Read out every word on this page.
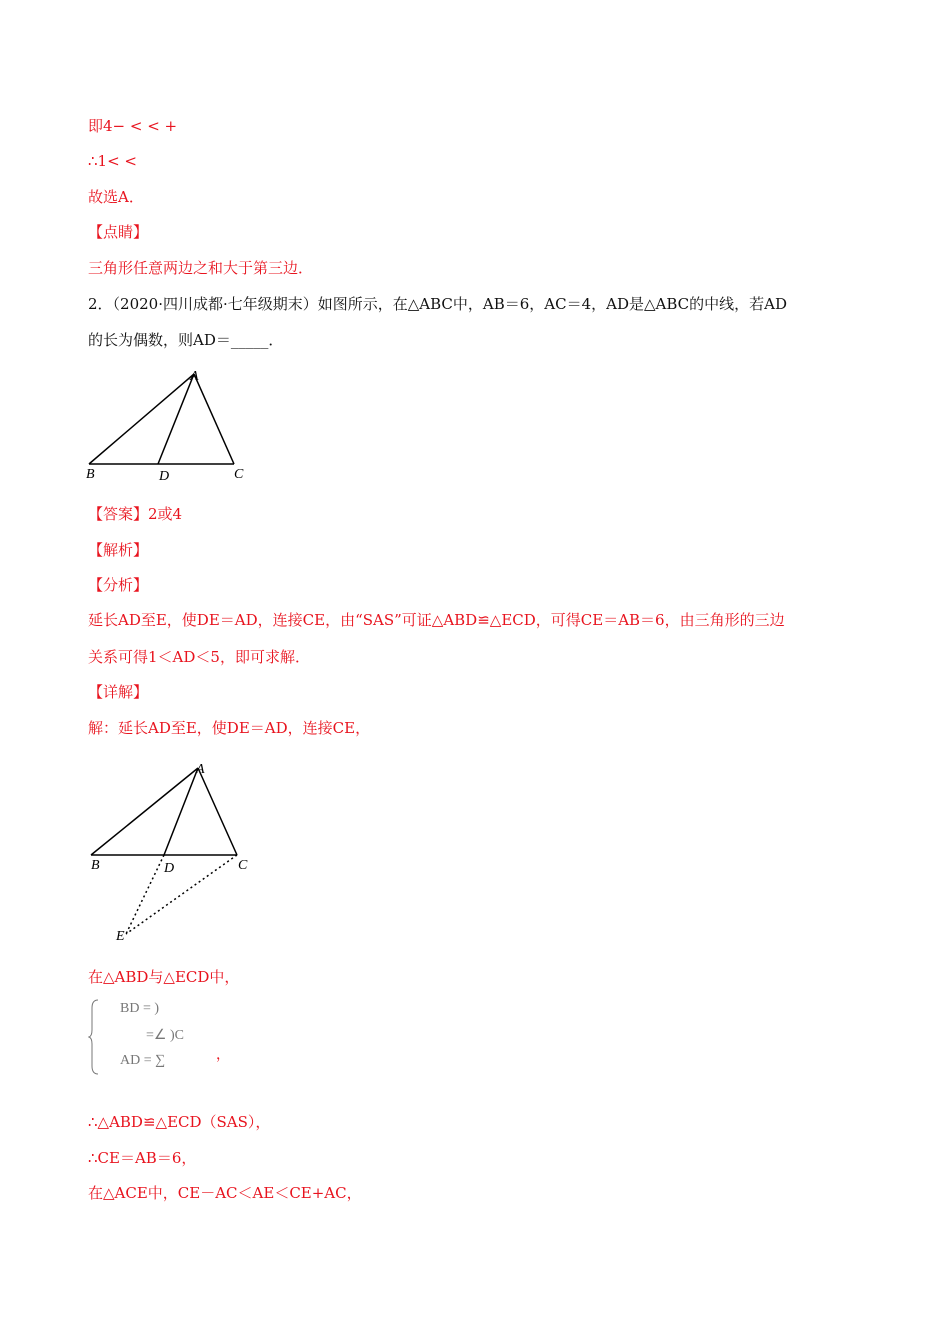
即4− < < +
∴1< <
故选A．
【点睛】
三角形任意两边之和大于第三边．
2．（2020·四川成都·七年级期末）如图所示，在△ABC中，AB＝6，AC＝4，AD是△ABC的中线，若AD
的长为偶数，则AD＝_____．
A
B	C
D
【答案】2或4
【解析】
【分析】
延长AD至E，使DE＝AD，连接CE，由“SAS”可证△ABD≌△ECD，可得CE＝AB＝6，由三角形的三边
关系可得1＜AD＜5，即可求解．
【详解】
解：延长AD至E，使DE＝AD，连接CE，
A
B	C
D
E
在△ABD与△ECD中，
BD = )
=∠ )C
AD = ∑	，
∴△ABD≌△ECD（SAS），
∴CE＝AB＝6，
在△ACE中，CE－AC＜AE＜CE+AC，
